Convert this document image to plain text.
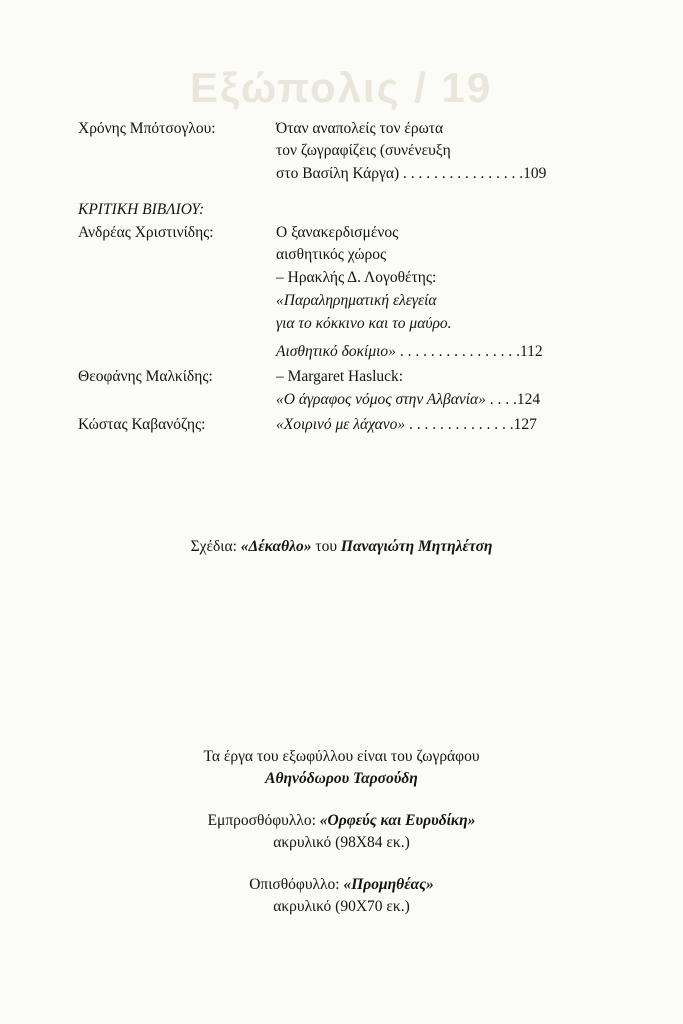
Εξώπολις / 19
Χρόνης Μπότσογλου:	Όταν αναπολείς τον έρωτα
τον ζωγραφίζεις (συνένευξη
στο Βασίλη Κάργα) . . . . . . . . . . . . . . . .109
ΚΡΙΤΙΚΗ ΒΙΒΛΙΟΥ:
Ανδρέας Χριστινίδης:	Ο ξανακερδισμένος
αισθητικός χώρος
– Ηρακλής Δ. Λογοθέτης:
«Παραληρηματική ελεγεία
για το κόκκινο και το μαύρο.
Αισθητικό δοκίμιο» . . . . . . . . . . . . . . . .112
Θεοφάνης Μαλκίδης:	– Margaret Hasluck:
«Ο άγραφος νόμος στην Αλβανία» . . . .124
Κώστας Καβανόζης:	«Χοιρινό με λάχανο» . . . . . . . . . . . . . .127
Σχέδια: «Δέκαθλο» του Παναγιώτη Μητηλέτση
Τα έργα του εξωφύλλου είναι του ζωγράφου
Αθηνόδωρου Ταρσούδη
Εμπροσθόφυλλο: «Ορφεύς και Ευρυδίκη»
ακρυλικό (98X84 εκ.)
Οπισθόφυλλο: «Προμηθέας»
ακρυλικό (90X70 εκ.)
